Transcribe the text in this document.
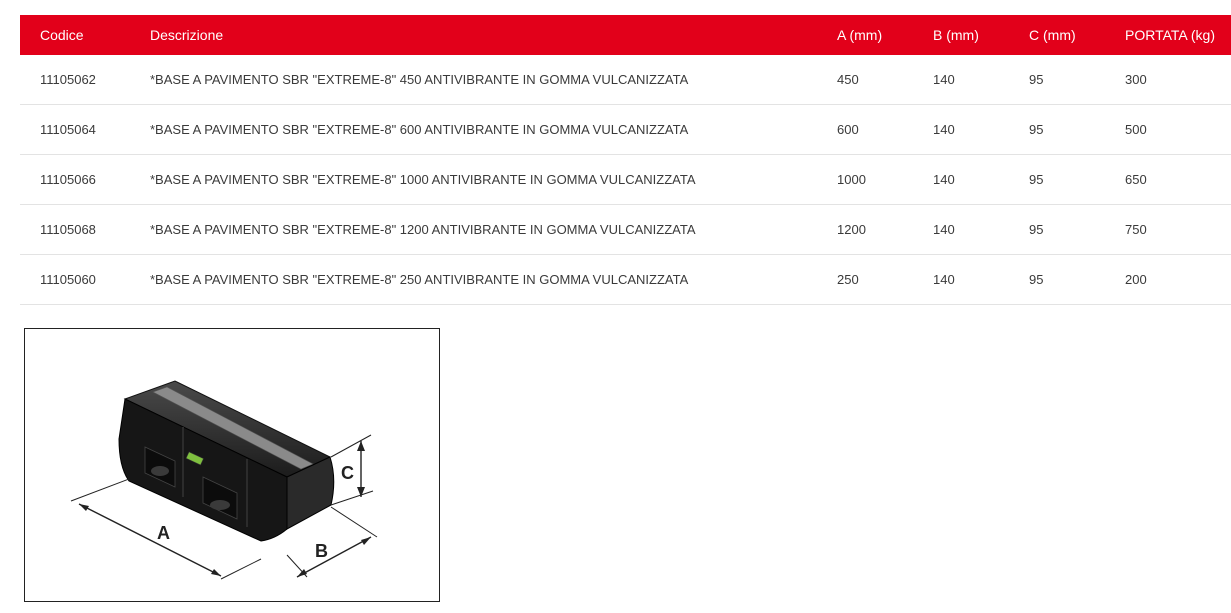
Codice	Descrizione	A (mm)	B (mm)	C (mm)	PORTATA (kg)
11105062	*BASE A PAVIMENTO SBR "EXTREME-8" 450 ANTIVIBRANTE IN GOMMA VULCANIZZATA	450	140	95	300
11105064	*BASE A PAVIMENTO SBR "EXTREME-8" 600 ANTIVIBRANTE IN GOMMA VULCANIZZATA	600	140	95	500
11105066	*BASE A PAVIMENTO SBR "EXTREME-8" 1000 ANTIVIBRANTE IN GOMMA VULCANIZZATA	1000	140	95	650
11105068	*BASE A PAVIMENTO SBR "EXTREME-8" 1200 ANTIVIBRANTE IN GOMMA VULCANIZZATA	1200	140	95	750
11105060	*BASE A PAVIMENTO SBR "EXTREME-8" 250 ANTIVIBRANTE IN GOMMA VULCANIZZATA	250	140	95	200
A
B
C
